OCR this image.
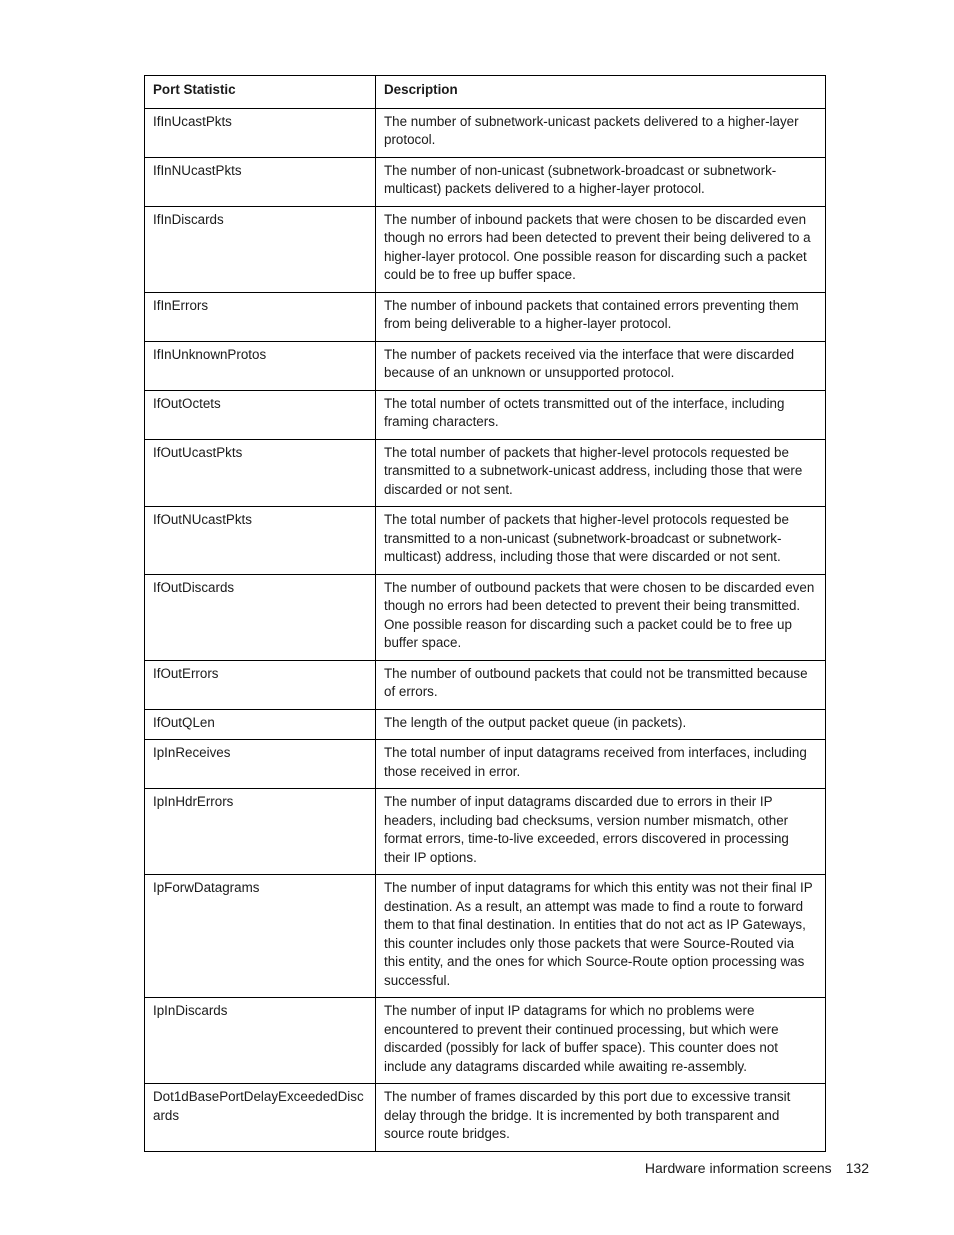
Port Statistic	Description
IfInUcastPkts	The number of subnetwork-unicast packets delivered to a higher-layer protocol.
IfInNUcastPkts	The number of non-unicast (subnetwork-broadcast or subnetwork-multicast) packets delivered to a higher-layer protocol.
IfInDiscards	The number of inbound packets that were chosen to be discarded even though no errors had been detected to prevent their being delivered to a higher-layer protocol. One possible reason for discarding such a packet could be to free up buffer space.
IfInErrors	The number of inbound packets that contained errors preventing them from being deliverable to a higher-layer protocol.
IfInUnknownProtos	The number of packets received via the interface that were discarded because of an unknown or unsupported protocol.
IfOutOctets	The total number of octets transmitted out of the interface, including framing characters.
IfOutUcastPkts	The total number of packets that higher-level protocols requested be transmitted to a subnetwork-unicast address, including those that were discarded or not sent.
IfOutNUcastPkts	The total number of packets that higher-level protocols requested be transmitted to a non-unicast (subnetwork-broadcast or subnetwork-multicast) address, including those that were discarded or not sent.
IfOutDiscards	The number of outbound packets that were chosen to be discarded even though no errors had been detected to prevent their being transmitted. One possible reason for discarding such a packet could be to free up buffer space.
IfOutErrors	The number of outbound packets that could not be transmitted because of errors.
IfOutQLen	The length of the output packet queue (in packets).
IpInReceives	The total number of input datagrams received from interfaces, including those received in error.
IpInHdrErrors	The number of input datagrams discarded due to errors in their IP headers, including bad checksums, version number mismatch, other format errors, time-to-live exceeded, errors discovered in processing their IP options.
IpForwDatagrams	The number of input datagrams for which this entity was not their final IP destination. As a result, an attempt was made to find a route to forward them to that final destination. In entities that do not act as IP Gateways, this counter includes only those packets that were Source-Routed via this entity, and the ones for which Source-Route option processing was successful.
IpInDiscards	The number of input IP datagrams for which no problems were encountered to prevent their continued processing, but which were discarded (possibly for lack of buffer space). This counter does not include any datagrams discarded while awaiting re-assembly.
Dot1dBasePortDelayExceededDiscards	The number of frames discarded by this port due to excessive transit delay through the bridge. It is incremented by both transparent and source route bridges.
Hardware information screens 132
